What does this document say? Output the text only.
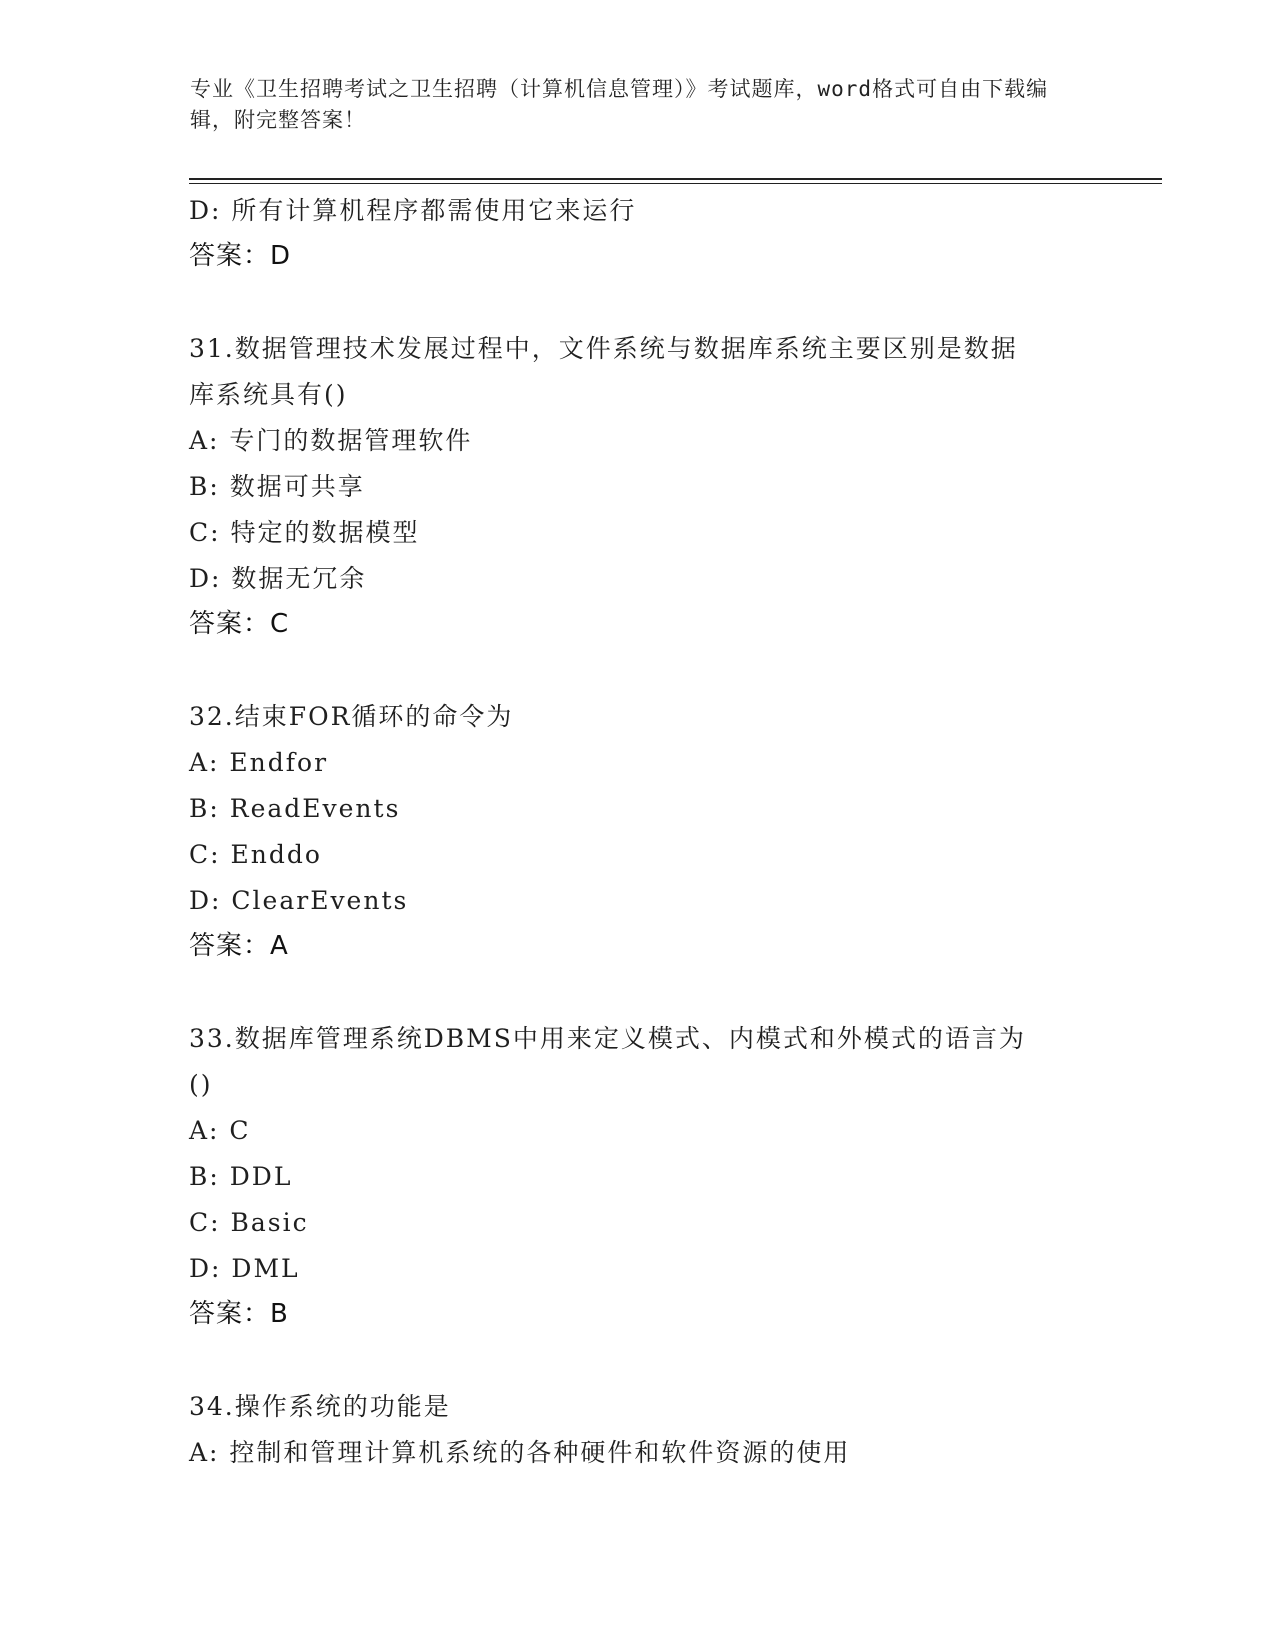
专业《卫生招聘考试之卫生招聘（计算机信息管理）》考试题库，word格式可自由下载编辑，附完整答案！
D: 所有计算机程序都需使用它来运行
答案：D
31.数据管理技术发展过程中，文件系统与数据库系统主要区别是数据
库系统具有()
A: 专门的数据管理软件
B: 数据可共享
C: 特定的数据模型
D: 数据无冗余
答案：C
32.结束FOR循环的命令为
A: Endfor
B: ReadEvents
C: Enddo
D: ClearEvents
答案：A
33.数据库管理系统DBMS中用来定义模式、内模式和外模式的语言为
()
A: C
B: DDL
C: Basic
D: DML
答案：B
34.操作系统的功能是
A: 控制和管理计算机系统的各种硬件和软件资源的使用
